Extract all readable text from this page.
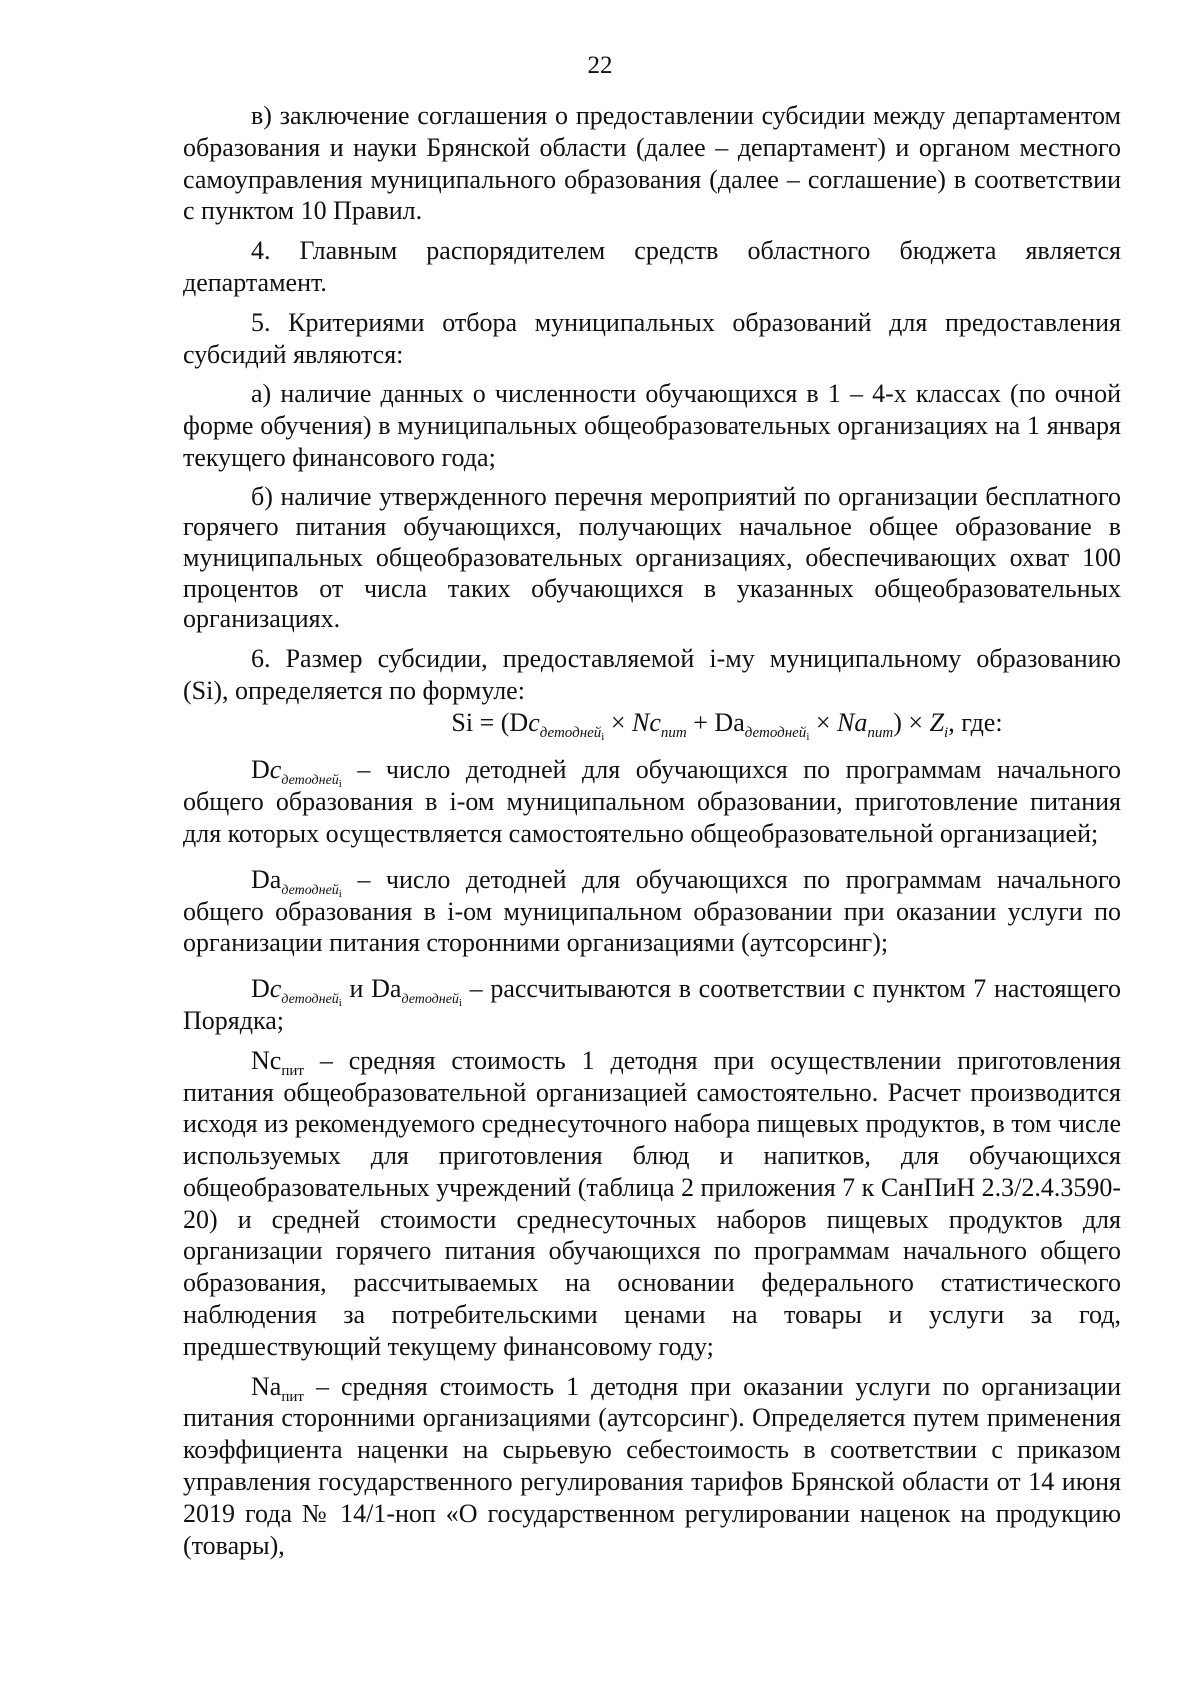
22

в) заключение соглашения о предоставлении субсидии между департаментом образования и науки Брянской области (далее – департамент) и органом местного самоуправления муниципального образования (далее – соглашение) в соответствии с пунктом 10 Правил.

4. Главным распорядителем средств областного бюджета является департамент.

5. Критериями отбора муниципальных образований для предоставления субсидий являются:

а) наличие данных о численности обучающихся в 1 – 4-х классах (по очной форме обучения) в муниципальных общеобразовательных организациях на 1 января текущего финансового года;

б) наличие утвержденного перечня мероприятий по организации бесплатного горячего питания обучающихся, получающих начальное общее образование в муниципальных общеобразовательных организациях, обеспечивающих охват 100 процентов от числа таких обучающихся в указанных общеобразовательных организациях.

6. Размер субсидии, предоставляемой i-му муниципальному образованию (Si), определяется по формуле:

$Si = (Dc_{детодней_i} \times Nc_{пит} + Da_{детодней_i} \times Na_{пит}) \times Z_i$, где:

$Dc_{детодней_i}$ – число детодней для обучающихся по программам начального общего образования в i-ом муниципальном образовании, приготовление питания для которых осуществляется самостоятельно общеобразовательной организацией;

$Da_{детодней_i}$ – число детодней для обучающихся по программам начального общего образования в i-ом муниципальном образовании при оказании услуги по организации питания сторонними организациями (аутсорсинг);

$Dc_{детодней_i}$ и $Da_{детодней_i}$ – рассчитываются в соответствии с пунктом 7 настоящего Порядка;

$Nc_{пит}$ – средняя стоимость 1 детодня при осуществлении приготовления питания общеобразовательной организацией самостоятельно. Расчет производится исходя из рекомендуемого среднесуточного набора пищевых продуктов, в том числе используемых для приготовления блюд и напитков, для обучающихся общеобразовательных учреждений (таблица 2 приложения 7 к СанПиН 2.3/2.4.3590-20) и средней стоимости среднесуточных наборов пищевых продуктов для организации горячего питания обучающихся по программам начального общего образования, рассчитываемых на основании федерального статистического наблюдения за потребительскими ценами на товары и услуги за год, предшествующий текущему финансовому году;

$Na_{пит}$ – средняя стоимость 1 детодня при оказании услуги по организации питания сторонними организациями (аутсорсинг). Определяется путем применения коэффициента наценки на сырьевую себестоимость в соответствии с приказом управления государственного регулирования тарифов Брянской области от 14 июня 2019 года № 14/1-ноп «О государственном регулировании наценок на продукцию (товары),
